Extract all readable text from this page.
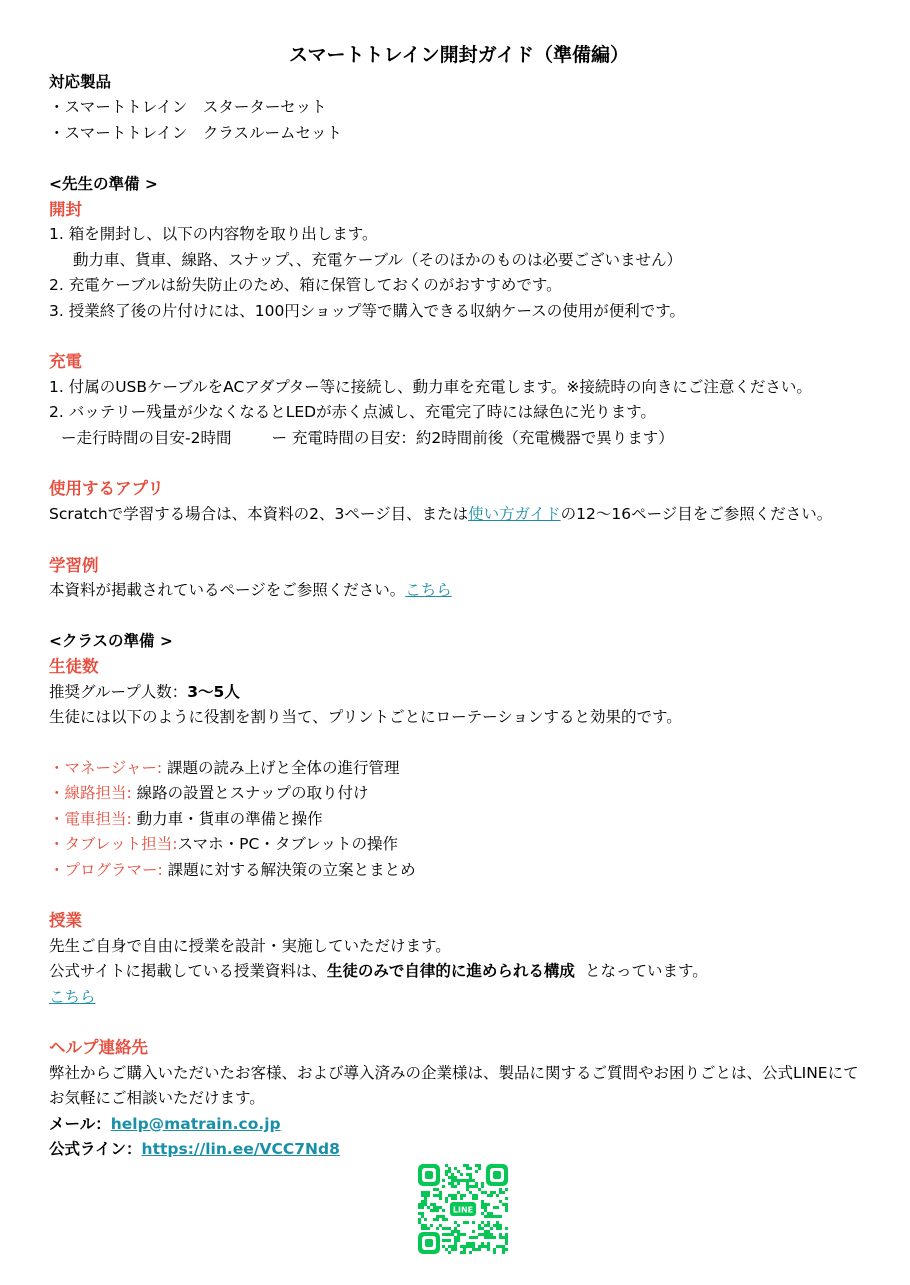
スマートトレイン開封ガイド（準備編）

対応製品

・スマートトレイン　スターターセット

・スマートトレイン　クラスルームセット

<先生の準備 >

開封

1. 箱を開封し、以下の内容物を取り出します。

動力車、貨車、線路、スナップ、、充電ケーブル（そのほかのものは必要ございません）

2. 充電ケーブルは紛失防止のため、箱に保管しておくのがおすすめです。

3. 授業終了後の片付けには、100円ショップ等で購入できる収納ケースの使用が便利です。

充電

1. 付属のUSBケーブルをACアダプター等に接続し、動力車を充電します。※接続時の向きにご注意ください。

2. バッテリー残量が少なくなるとLEDが赤く点滅し、充電完了時には緑色に光ります。

ー走行時間の目安-2時間	ー 充電時間の目安：約2時間前後（充電機器で異ります）

使用するアプリ

Scratchで学習する場合は、本資料の2、3ページ目、または使い方ガイドの12〜16ページ目をご参照ください。

学習例

本資料が掲載されているページをご参照ください。こちら

<クラスの準備 >

生徒数

推奨グループ人数：3〜5人

生徒には以下のように役割を割り当て、プリントごとにローテーションすると効果的です。

・マネージャー: 課題の読み上げと全体の進行管理

・線路担当: 線路の設置とスナップの取り付け

・電車担当: 動力車・貨車の準備と操作

・タブレット担当:スマホ・PC・タブレットの操作

・プログラマー: 課題に対する解決策の立案とまとめ

授業

先生ご自身で自由に授業を設計・実施していただけます。

公式サイトに掲載している授業資料は、生徒のみで自律的に進められる構成 となっています。

こちら

ヘルプ連絡先

弊社からご購入いただいたお客様、および導入済みの企業様は、製品に関するご質問やお困りごとは、公式LINEにてお気軽にご相談いただけます。

メール：help@matrain.co.jp

公式ライン：https://lin.ee/VCC7Nd8

LINE
